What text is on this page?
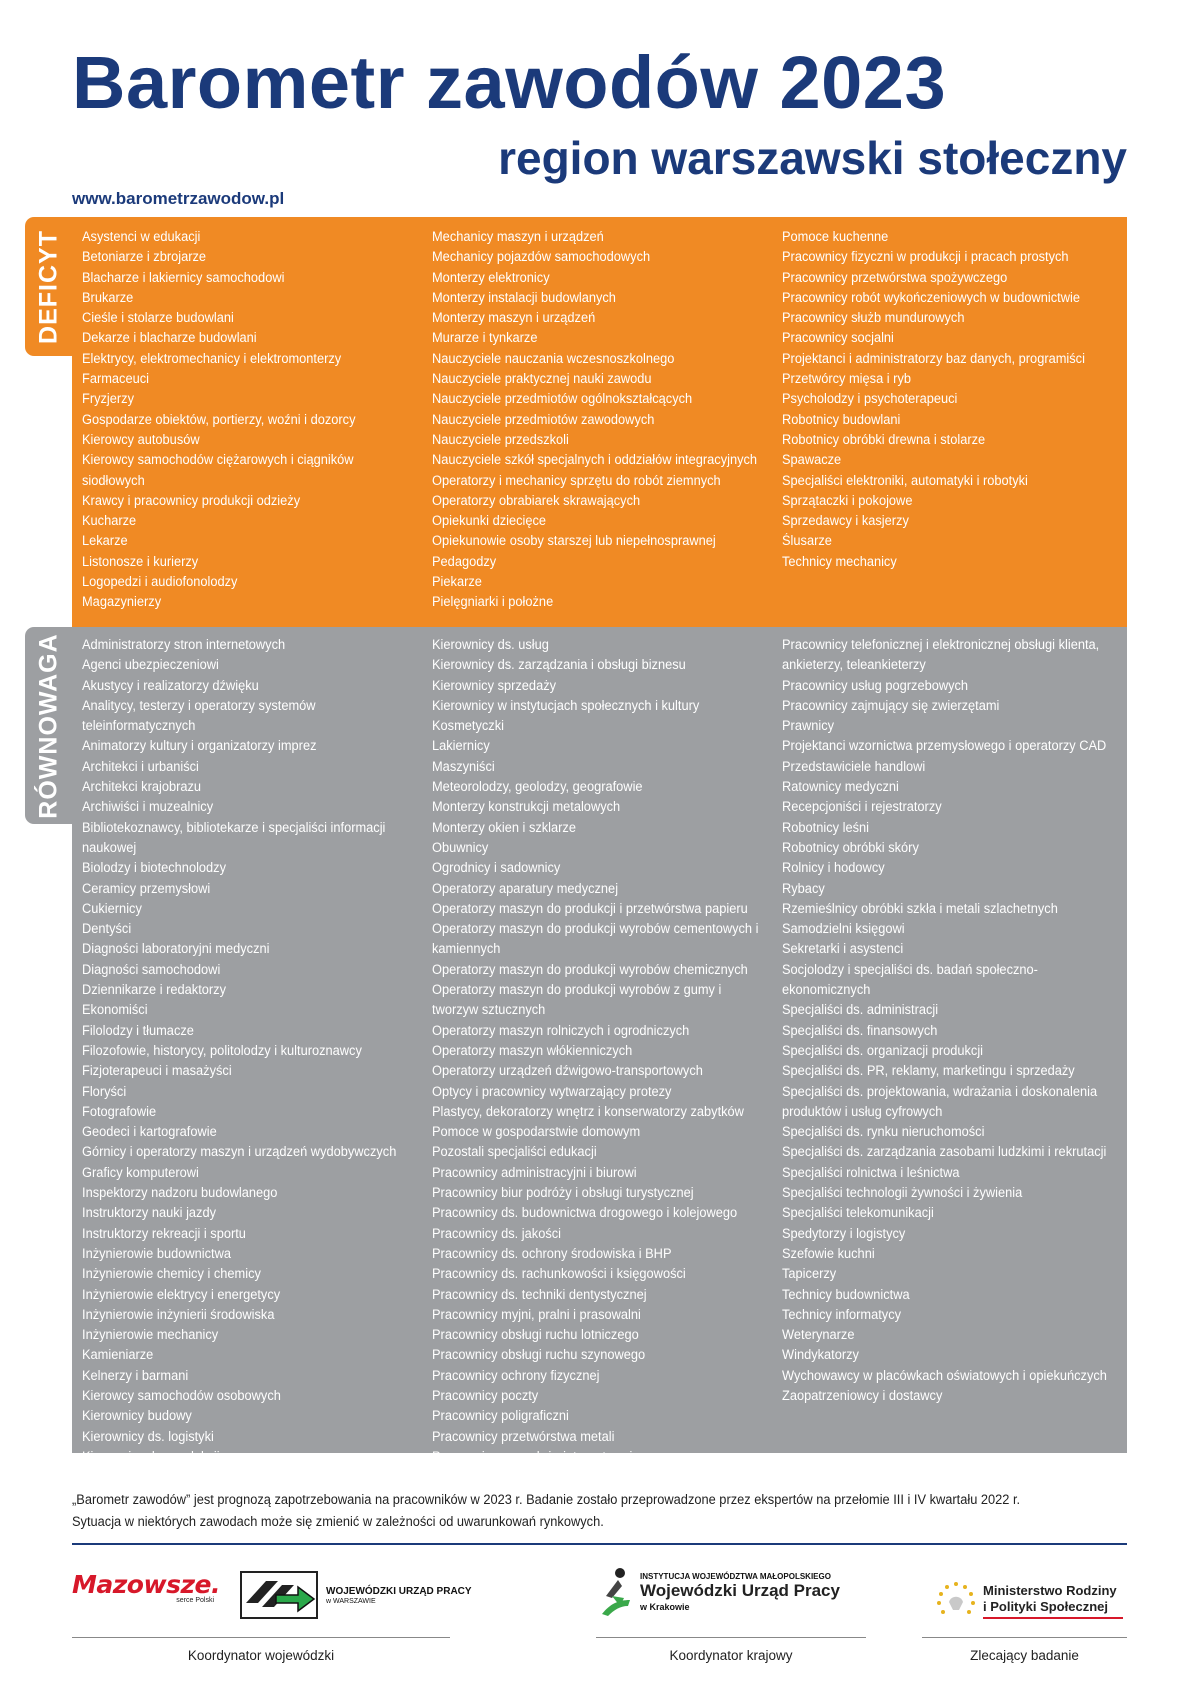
Barometr zawodów 2023
region warszawski stołeczny
www.barometrzawodow.pl
DEFICYT Asystenci w edukacji
Betoniarze i zbrojarze
Blacharze i lakiernicy samochodowi
Brukarze
Cieśle i stolarze budowlani
Dekarze i blacharze budowlani
Elektrycy, elektromechanicy i elektromonterzy
Farmaceuci
Fryzjerzy
Gospodarze obiektów, portierzy, woźni i dozorcy
Kierowcy autobusów
Kierowcy samochodów ciężarowych i ciągników siodłowych
Krawcy i pracownicy produkcji odzieży
Kucharze
Lekarze
Listonosze i kurierzy
Logopedzi i audiofonolodzy
Magazynierzy
Mechanicy maszyn i urządzeń
Mechanicy pojazdów samochodowych
Monterzy elektronicy
Monterzy instalacji budowlanych
Monterzy maszyn i urządzeń
Murarze i tynkarze
Nauczyciele nauczania wczesnoszkolnego
Nauczyciele praktycznej nauki zawodu
Nauczyciele przedmiotów ogólnokształcących
Nauczyciele przedmiotów zawodowych
Nauczyciele przedszkoli
Nauczyciele szkół specjalnych i oddziałów integracyjnych
Operatorzy i mechanicy sprzętu do robót ziemnych
Operatorzy obrabiarek skrawających
Opiekunki dziecięce
Opiekunowie osoby starszej lub niepełnosprawnej
Pedagodzy
Piekarze
Pielęgniarki i położne
Pomoce kuchenne
Pracownicy fizyczni w produkcji i pracach prostych
Pracownicy przetwórstwa spożywczego
Pracownicy robót wykończeniowych w budownictwie
Pracownicy służb mundurowych
Pracownicy socjalni
Projektanci i administratorzy baz danych, programiści
Przetwórcy mięsa i ryb
Psycholodzy i psychoterapeuci
Robotnicy budowlani
Robotnicy obróbki drewna i stolarze
Spawacze
Specjaliści elektroniki, automatyki i robotyki
Sprzątaczki i pokojowe
Sprzedawcy i kasjerzy
Ślusarze
Technicy mechanicy
RÓWNOWAGA Administratorzy stron internetowych
Agenci ubezpieczeniowi
Akustycy i realizatorzy dźwięku
Analitycy, testerzy i operatorzy systemów teleinformatycznych
Animatorzy kultury i organizatorzy imprez
Architekci i urbaniści
Architekci krajobrazu
Archiwiści i muzealnicy
Bibliotekoznawcy, bibliotekarze i specjaliści informacji naukowej
Biolodzy i biotechnolodzy
Ceramicy przemysłowi
Cukiernicy
Dentyści
Diagności laboratoryjni medyczni
Diagności samochodowi
Dziennikarze i redaktorzy
Ekonomiści
Filolodzy i tłumacze
Filozofowie, historycy, politolodzy i kulturoznawcy
Fizjoterapeuci i masażyści
Floryści
Fotografowie
Geodeci i kartografowie
Górnicy i operatorzy maszyn i urządzeń wydobywczych
Graficy komputerowi
Inspektorzy nadzoru budowlanego
Instruktorzy nauki jazdy
Instruktorzy rekreacji i sportu
Inżynierowie budownictwa
Inżynierowie chemicy i chemicy
Inżynierowie elektrycy i energetycy
Inżynierowie inżynierii środowiska
Inżynierowie mechanicy
Kamieniarze
Kelnerzy i barmani
Kierowcy samochodów osobowych
Kierownicy budowy
Kierownicy ds. logistyki
Kierownicy ds. produkcji
Kierownicy ds. usług
Kierownicy ds. zarządzania i obsługi biznesu
Kierownicy sprzedaży
Kierownicy w instytucjach społecznych i kultury
Kosmetyczki
Lakiernicy
Maszyniści
Meteorolodzy, geolodzy, geografowie
Monterzy konstrukcji metalowych
Monterzy okien i szklarze
Obuwnicy
Ogrodnicy i sadownicy
Operatorzy aparatury medycznej
Operatorzy maszyn do produkcji i przetwórstwa papieru
Operatorzy maszyn do produkcji wyrobów cementowych i kamiennych
Operatorzy maszyn do produkcji wyrobów chemicznych
Operatorzy maszyn do produkcji wyrobów z gumy i tworzyw sztucznych
Operatorzy maszyn rolniczych i ogrodniczych
Operatorzy maszyn włókienniczych
Operatorzy urządzeń dźwigowo-transportowych
Optycy i pracownicy wytwarzający protezy
Plastycy, dekoratorzy wnętrz i konserwatorzy zabytków
Pomoce w gospodarstwie domowym
Pozostali specjaliści edukacji
Pracownicy administracyjni i biurowi
Pracownicy biur podróży i obsługi turystycznej
Pracownicy ds. budownictwa drogowego i kolejowego
Pracownicy ds. jakości
Pracownicy ds. ochrony środowiska i BHP
Pracownicy ds. rachunkowości i księgowości
Pracownicy ds. techniki dentystycznej
Pracownicy myjni, pralni i prasowalni
Pracownicy obsługi ruchu lotniczego
Pracownicy obsługi ruchu szynowego
Pracownicy ochrony fizycznej
Pracownicy poczty
Pracownicy poligraficzni
Pracownicy przetwórstwa metali
Pracownicy sprzedaży internetowej
Pracownicy telefonicznej i elektronicznej obsługi klienta, ankieterzy, teleankieterzy
Pracownicy usług pogrzebowych
Pracownicy zajmujący się zwierzętami
Prawnicy
Projektanci wzornictwa przemysłowego i operatorzy CAD
Przedstawiciele handlowi
Ratownicy medyczni
Recepcjoniści i rejestratorzy
Robotnicy leśni
Robotnicy obróbki skóry
Rolnicy i hodowcy
Rybacy
Rzemieślnicy obróbki szkła i metali szlachetnych
Samodzielni księgowi
Sekretarki i asystenci
Socjolodzy i specjaliści ds. badań społeczno-ekonomicznych
Specjaliści ds. administracji
Specjaliści ds. finansowych
Specjaliści ds. organizacji produkcji
Specjaliści ds. PR, reklamy, marketingu i sprzedaży
Specjaliści ds. projektowania, wdrażania i doskonalenia produktów i usług cyfrowych
Specjaliści ds. rynku nieruchomości
Specjaliści ds. zarządzania zasobami ludzkimi i rekrutacji
Specjaliści rolnictwa i leśnictwa
Specjaliści technologii żywności i żywienia
Specjaliści telekomunikacji
Spedytorzy i logistycy
Szefowie kuchni
Tapicerzy
Technicy budownictwa
Technicy informatycy
Weterynarze
Windykatorzy
Wychowawcy w placówkach oświatowych i opiekuńczych
Zaopatrzeniowcy i dostawcy

„Barometr zawodów” jest prognozą zapotrzebowania na pracowników w 2023 r. Badanie zostało przeprowadzone przez ekspertów na przełomie III i IV kwartału 2022 r.

Sytuacja w niektórych zawodach może się zmienić w zależności od uwarunkowań rynkowych.

Mazowsze.
serce Polski
WOJEWÓDZKI URZĄD PRACY
w WARSZAWIE
INSTYTUCJA WOJEWÓDZTWA MAŁOPOLSKIEGO
Wojewódzki Urząd Pracy
w Krakowie
Ministerstwo Rodziny
i Polityki Społecznej
Koordynator wojewódzki	Koordynator krajowy	Zlecający badanie
